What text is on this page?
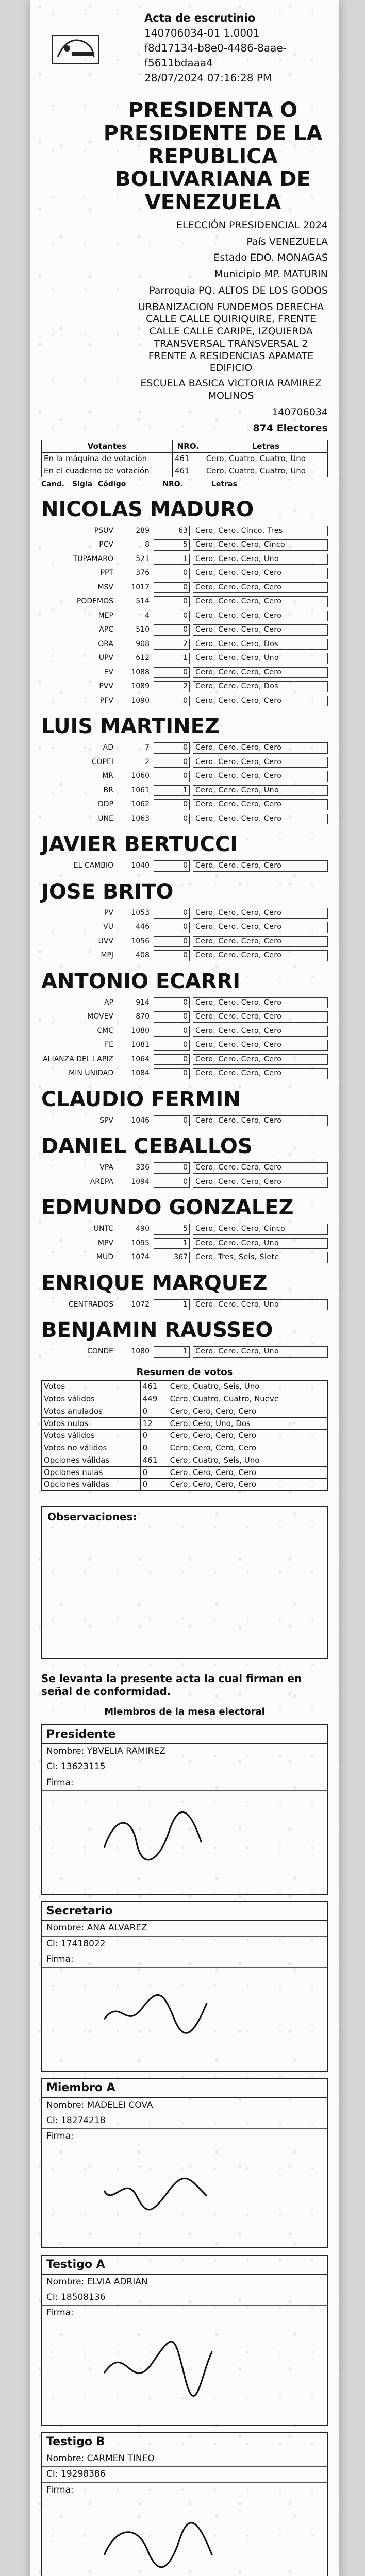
Acta de escrutinio
140706034-01 1.0001
f8d17134-b8e0-4486-8aae-
f5611bdaaa4
28/07/2024 07:16:28 PM
PRESIDENTA O PRESIDENTE DE LA REPUBLICA BOLIVARIANA DE VENEZUELA
ELECCIÓN PRESIDENCIAL 2024
País VENEZUELA
Estado EDO. MONAGAS
Municipio MP. MATURIN
Parroquia PQ. ALTOS DE LOS GODOS
URBANIZACION FUNDEMOS DERECHA CALLE CALLE QUIRIQUIRE, FRENTE CALLE CALLE CARIPE, IZQUIERDA TRANSVERSAL TRANSVERSAL 2 FRENTE A RESIDENCIAS APAMATE EDIFICIO
ESCUELA BASICA VICTORIA RAMIREZ MOLINOS
140706034
874 Electores
Votantes	NRO.	Letras
En la máquina de votación	461	Cero, Cuatro, Cuatro, Uno
En el cuaderno de votación	461	Cero, Cuatro, Cuatro, Uno
Cand.	Sigla Código	NRO.	Letras
NICOLAS MADURO
PSUV	289	63	Cero, Cero, Cinco, Tres
PCV	8	5	Cero, Cero, Cero, Cinco
TUPAMARO	521	1	Cero, Cero, Cero, Uno
PPT	376	0	Cero, Cero, Cero, Cero
MSV	1017	0	Cero, Cero, Cero, Cero
PODEMOS	514	0	Cero, Cero, Cero, Cero
MEP	4	0	Cero, Cero, Cero, Cero
APC	510	0	Cero, Cero, Cero, Cero
ORA	908	2	Cero, Cero, Cero, Dos
UPV	612	1	Cero, Cero, Cero, Uno
EV	1088	0	Cero, Cero, Cero, Cero
PVV	1089	2	Cero, Cero, Cero, Dos
PFV	1090	0	Cero, Cero, Cero, Cero
LUIS MARTINEZ
AD	7	0	Cero, Cero, Cero, Cero
COPEI	2	0	Cero, Cero, Cero, Cero
MR	1060	0	Cero, Cero, Cero, Cero
BR	1061	1	Cero, Cero, Cero, Uno
DDP	1062	0	Cero, Cero, Cero, Cero
UNE	1063	0	Cero, Cero, Cero, Cero
JAVIER BERTUCCI
EL CAMBIO	1040	0	Cero, Cero, Cero, Cero
JOSE BRITO
PV	1053	0	Cero, Cero, Cero, Cero
VU	446	0	Cero, Cero, Cero, Cero
UVV	1056	0	Cero, Cero, Cero, Cero
MPJ	408	0	Cero, Cero, Cero, Cero
ANTONIO ECARRI
AP	914	0	Cero, Cero, Cero, Cero
MOVEV	870	0	Cero, Cero, Cero, Cero
CMC	1080	0	Cero, Cero, Cero, Cero
FE	1081	0	Cero, Cero, Cero, Cero
ALIANZA DEL LAPIZ	1064	0	Cero, Cero, Cero, Cero
MIN UNIDAD	1084	0	Cero, Cero, Cero, Cero
CLAUDIO FERMIN
SPV	1046	0	Cero, Cero, Cero, Cero
DANIEL CEBALLOS
VPA	336	0	Cero, Cero, Cero, Cero
AREPA	1094	0	Cero, Cero, Cero, Cero
EDMUNDO GONZALEZ
UNTC	490	5	Cero, Cero, Cero, Cinco
MPV	1095	1	Cero, Cero, Cero, Uno
MUD	1074	367	Cero, Tres, Seis, Siete
ENRIQUE MARQUEZ
CENTRADOS	1072	1	Cero, Cero, Cero, Uno
BENJAMIN RAUSSEO
CONDE	1080	1	Cero, Cero, Cero, Uno
Resumen de votos
Votos	461	Cero, Cuatro, Seis, Uno
Votos válidos	449	Cero, Cuatro, Cuatro, Nueve
Votos anulados	0	Cero, Cero, Cero, Cero
Votos nulos	12	Cero, Cero, Uno, Dos
Votos válidos	0	Cero, Cero, Cero, Cero
Votos no válidos	0	Cero, Cero, Cero, Cero
Opciones válidas	461	Cero, Cuatro, Seis, Uno
Opciones nulas	0	Cero, Cero, Cero, Cero
Opciones válidas	0	Cero, Cero, Cero, Cero
Observaciones:
Se levanta la presente acta la cual firman en señal de conformidad.
Miembros de la mesa electoral
Presidente
Nombre: YBVELIA RAMIREZ
CI: 13623115
Firma:
Secretario
Nombre: ANA ALVAREZ
CI: 17418022
Firma:
Miembro A
Nombre: MADELEI COVA
CI: 18274218
Firma:
Testigo A
Nombre: ELVIA ADRIAN
CI: 18508136
Firma:
Testigo B
Nombre: CARMEN TINEO
CI: 19298386
Firma:
